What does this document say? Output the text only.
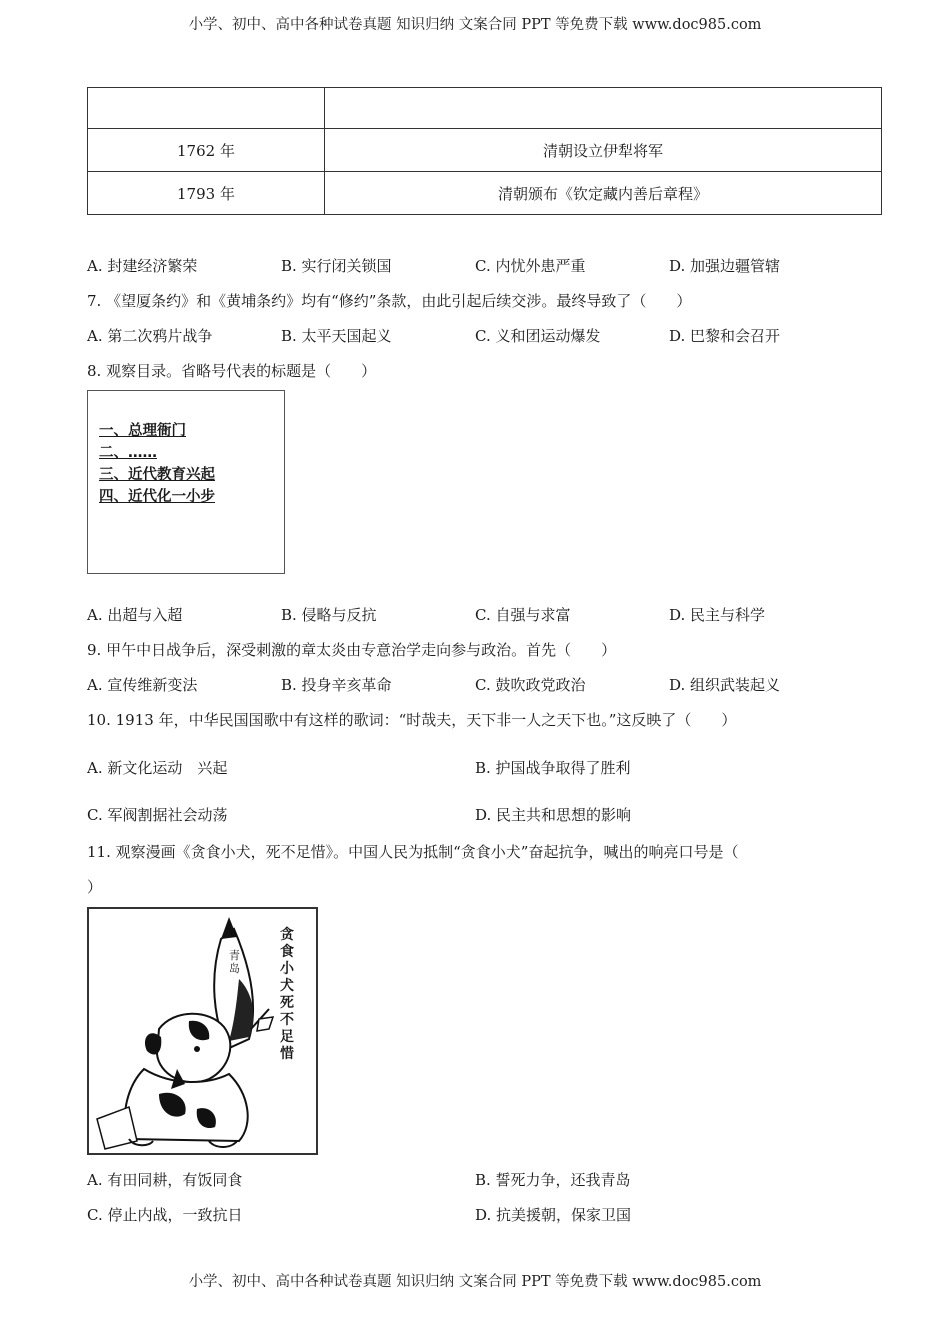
小学、初中、高中各种试卷真题 知识归纳 文案合同 PPT 等免费下载 www.doc985.com

1762 年	清朝设立伊犁将军
1793 年	清朝颁布《钦定藏内善后章程》
A. 封建经济繁荣	B. 实行闭关锁国	C. 内忧外患严重	D. 加强边疆管辖
7. 《望厦条约》和《黄埔条约》均有“修约”条款，由此引起后续交涉。最终导致了（　　）
A. 第二次鸦片战争	B. 太平天国起义	C. 义和团运动爆发	D. 巴黎和会召开
8. 观察目录。省略号代表的标题是（　　）
一、总理衙门
二、……
三、近代教育兴起
四、近代化一小步
A. 出超与入超	B. 侵略与反抗	C. 自强与求富	D. 民主与科学
9. 甲午中日战争后，深受刺激的章太炎由专意治学走向参与政治。首先（　　）
A. 宣传维新变法	B. 投身辛亥革命	C. 鼓吹政党政治	D. 组织武装起义
10. 1913 年，中华民国国歌中有这样的歌词：“时哉夫，天下非一人之天下也。”这反映了（　　）
A. 新文化运动　兴起	B. 护国战争取得了胜利
C. 军阀割据社会动荡	D. 民主共和思想的影响
11. 观察漫画《贪食小犬，死不足惜》。中国人民为抵制“贪食小犬”奋起抗争，喊出的响亮口号是（
）
贪食小犬死不足惜
青岛
A. 有田同耕，有饭同食	B. 誓死力争，还我青岛
C. 停止内战，一致抗日	D. 抗美援朝，保家卫国
小学、初中、高中各种试卷真题 知识归纳 文案合同 PPT 等免费下载 www.doc985.com
